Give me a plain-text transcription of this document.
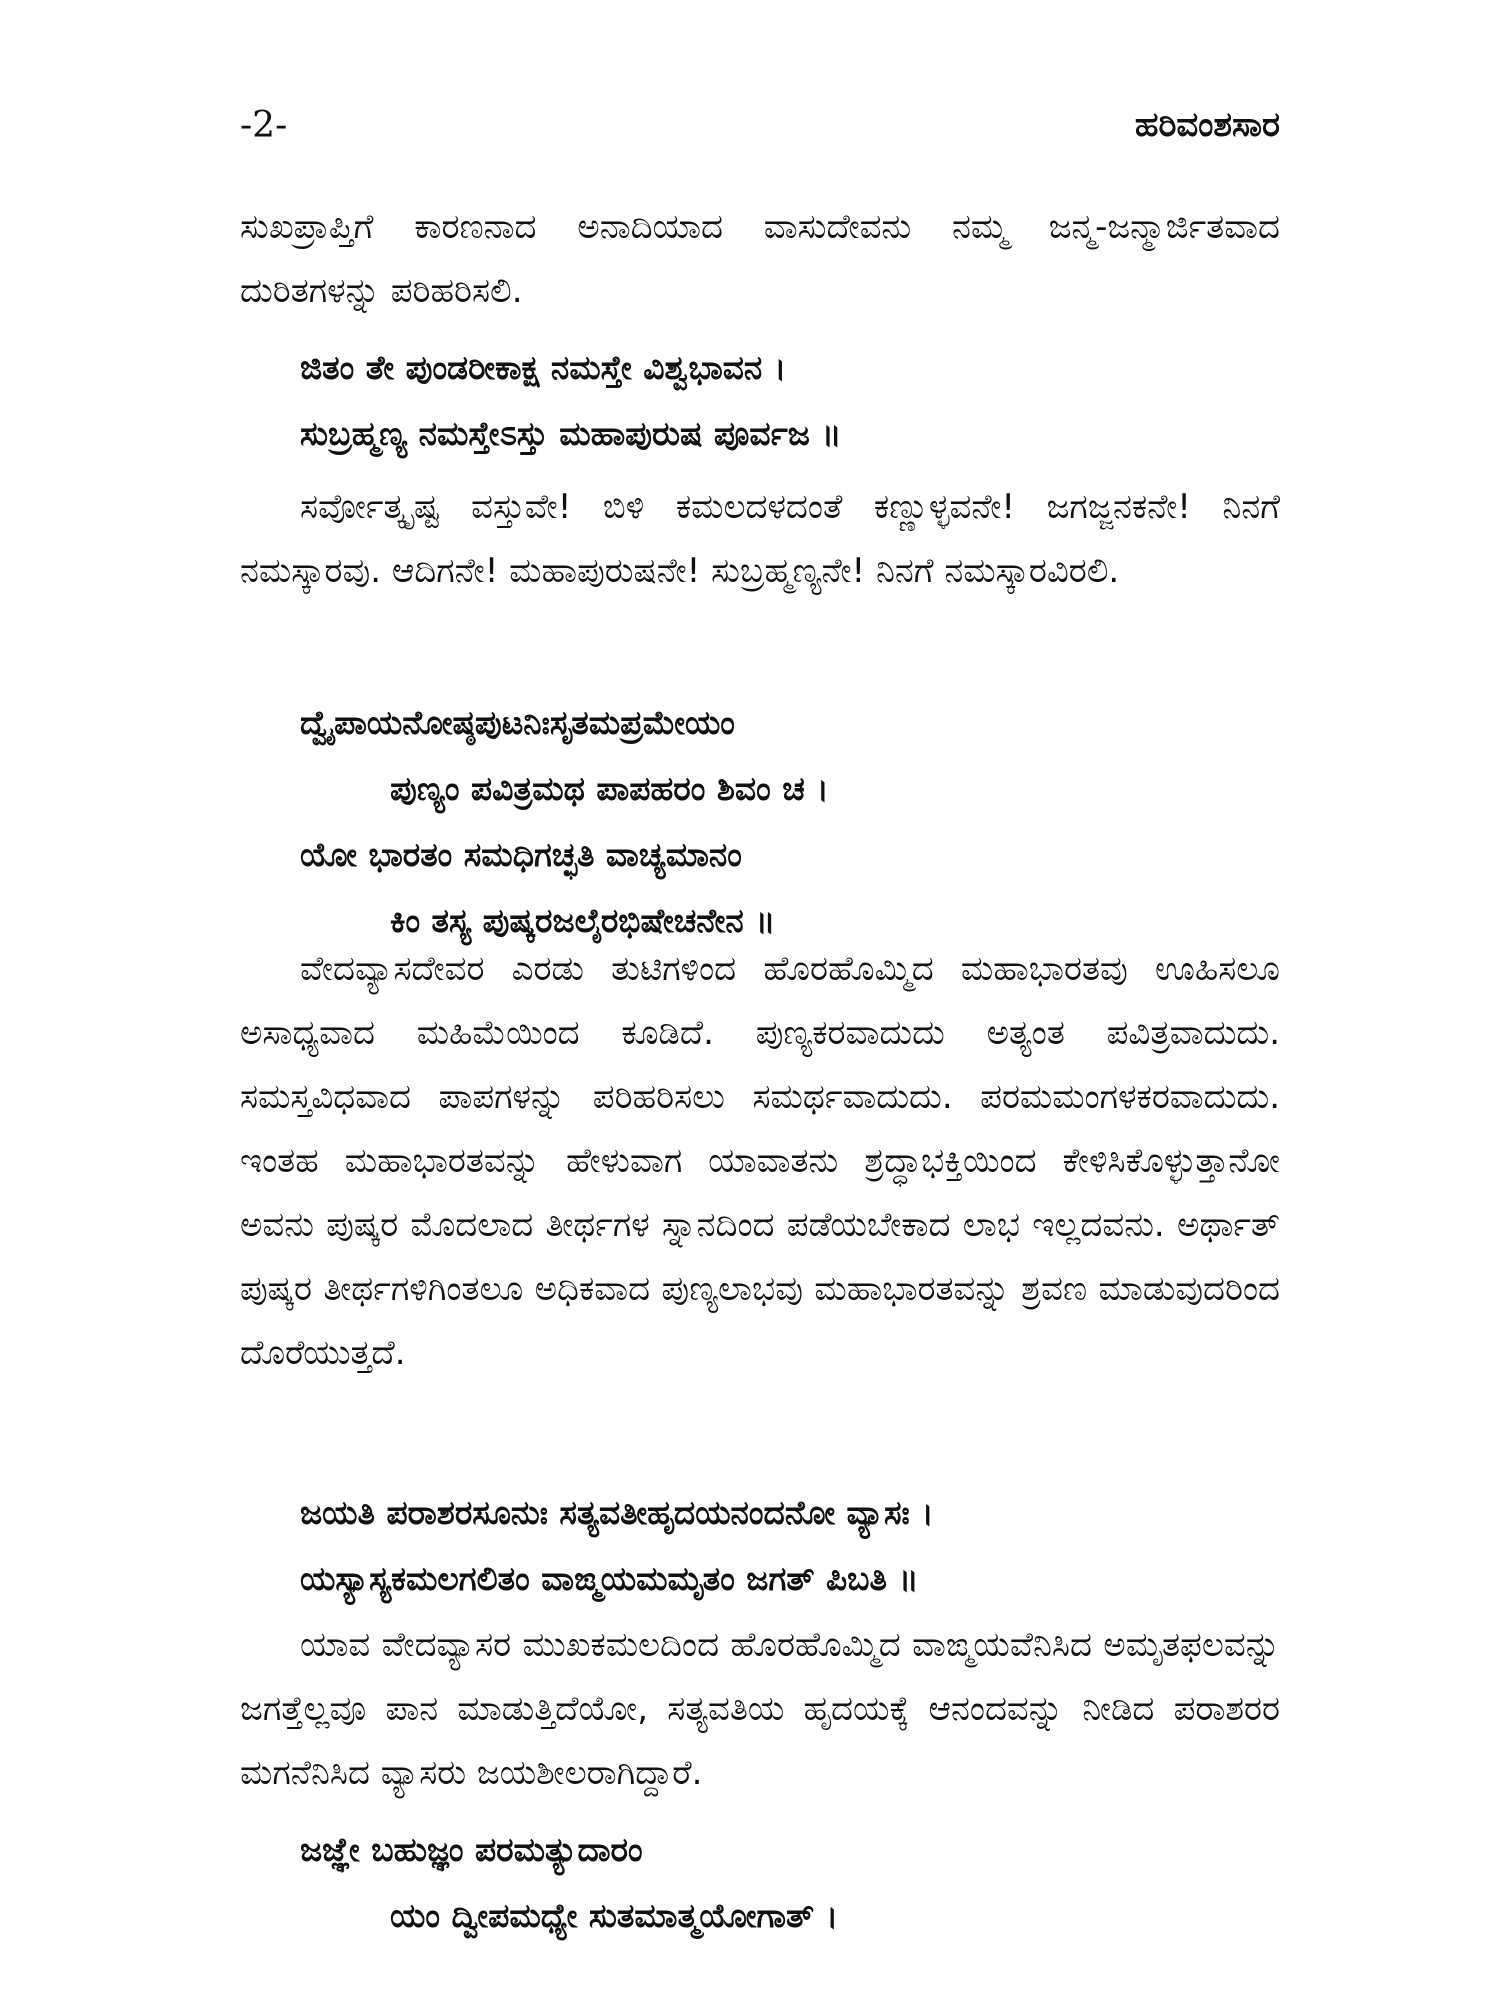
-2-	ಹರಿವಂಶಸಾರ

ಸುಖಪ್ರಾಪ್ತಿಗೆ ಕಾರಣನಾದ ಅನಾದಿಯಾದ ವಾಸುದೇವನು ನಮ್ಮ ಜನ್ಮ-ಜನ್ಮಾರ್ಜಿತವಾದ ದುರಿತಗಳನ್ನು ಪರಿಹರಿಸಲಿ.

ಜಿತಂ ತೇ ಪುಂಡರೀಕಾಕ್ಷ ನಮಸ್ತೇ ವಿಶ್ವಭಾವನ ।
ಸುಬ್ರಹ್ಮಣ್ಯ ನಮಸ್ತೇಽಸ್ತು ಮಹಾಪುರುಷ ಪೂರ್ವಜ ॥

ಸರ್ವೋತ್ಕೃಷ್ಟ ವಸ್ತುವೇ! ಬಿಳಿ ಕಮಲದಳದಂತೆ ಕಣ್ಣುಳ್ಳವನೇ! ಜಗಜ್ಜನಕನೇ! ನಿನಗೆ ನಮಸ್ಕಾರವು. ಆದಿಗನೇ! ಮಹಾಪುರುಷನೇ! ಸುಬ್ರಹ್ಮಣ್ಯನೇ! ನಿನಗೆ ನಮಸ್ಕಾರವಿರಲಿ.

ದ್ವೈಪಾಯನೋಷ್ಠಪುಟನಿಃಸೃತಮಪ್ರಮೇಯಂ
ಪುಣ್ಯಂ ಪವಿತ್ರಮಥ ಪಾಪಹರಂ ಶಿವಂ ಚ ।
ಯೋ ಭಾರತಂ ಸಮಧಿಗಚ್ಛತಿ ವಾಚ್ಯಮಾನಂ
ಕಿಂ ತಸ್ಯ ಪುಷ್ಕರಜಲೈರಭಿಷೇಚನೇನ ॥

ವೇದವ್ಯಾಸದೇವರ ಎರಡು ತುಟಿಗಳಿಂದ ಹೊರಹೊಮ್ಮಿದ ಮಹಾಭಾರತವು ಊಹಿಸಲೂ ಅಸಾಧ್ಯವಾದ ಮಹಿಮೆಯಿಂದ ಕೂಡಿದೆ. ಪುಣ್ಯಕರವಾದುದು ಅತ್ಯಂತ ಪವಿತ್ರವಾದುದು. ಸಮಸ್ತವಿಧವಾದ ಪಾಪಗಳನ್ನು ಪರಿಹರಿಸಲು ಸಮರ್ಥವಾದುದು. ಪರಮಮಂಗಳಕರವಾದುದು. ಇಂತಹ ಮಹಾಭಾರತವನ್ನು ಹೇಳುವಾಗ ಯಾವಾತನು ಶ್ರದ್ಧಾಭಕ್ತಿಯಿಂದ ಕೇಳಿಸಿಕೊಳ್ಳುತ್ತಾನೋ ಅವನು ಪುಷ್ಕರ ಮೊದಲಾದ ತೀರ್ಥಗಳ ಸ್ನಾನದಿಂದ ಪಡೆಯಬೇಕಾದ ಲಾಭ ಇಲ್ಲದವನು. ಅರ್ಥಾತ್ ಪುಷ್ಕರ ತೀರ್ಥಗಳಿಗಿಂತಲೂ ಅಧಿಕವಾದ ಪುಣ್ಯಲಾಭವು ಮಹಾಭಾರತವನ್ನು ಶ್ರವಣ ಮಾಡುವುದರಿಂದ ದೊರೆಯುತ್ತದೆ.

ಜಯತಿ ಪರಾಶರಸೂನುಃ ಸತ್ಯವತೀಹೃದಯನಂದನೋ ವ್ಯಾಸಃ ।
ಯಸ್ಯಾಸ್ಯಕಮಲಗಲಿತಂ ವಾಙ್ಮಯಮಮೃತಂ ಜಗತ್ ಪಿಬತಿ ॥

ಯಾವ ವೇದವ್ಯಾಸರ ಮುಖಕಮಲದಿಂದ ಹೊರಹೊಮ್ಮಿದ ವಾಙ್ಮಯವೆನಿಸಿದ ಅಮೃತಫಲವನ್ನು ಜಗತ್ತೆಲ್ಲವೂ ಪಾನ ಮಾಡುತ್ತಿದೆಯೋ, ಸತ್ಯವತಿಯ ಹೃದಯಕ್ಕೆ ಆನಂದವನ್ನು ನೀಡಿದ ಪರಾಶರರ ಮಗನೆನಿಸಿದ ವ್ಯಾಸರು ಜಯಶೀಲರಾಗಿದ್ದಾರೆ.

ಜಜ್ಞೇ ಬಹುಜ್ಞಂ ಪರಮತ್ಯುದಾರಂ
ಯಂ ದ್ವೀಪಮಧ್ಯೇ ಸುತಮಾತ್ಮಯೋಗಾತ್ ।
